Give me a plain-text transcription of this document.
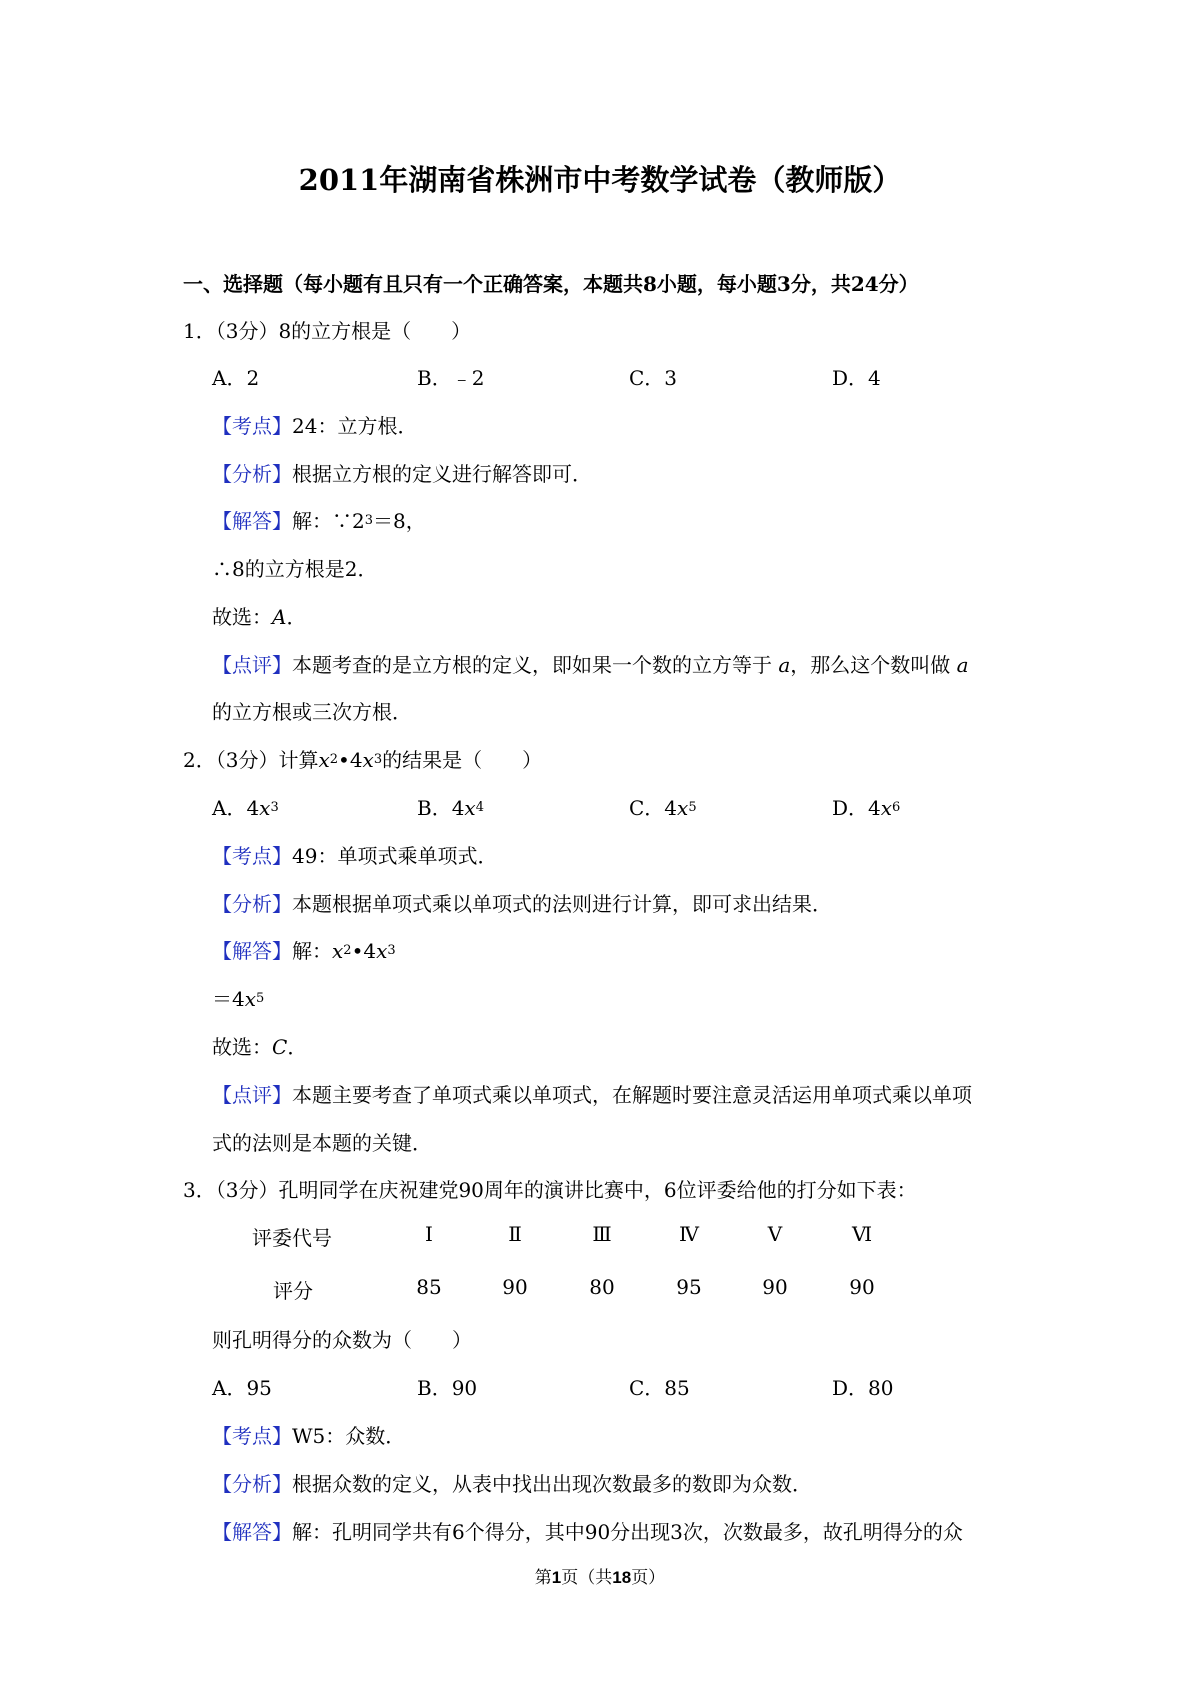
2011年湖南省株洲市中考数学试卷（教师版）
一、选择题（每小题有且只有一个正确答案，本题共8小题，每小题3分，共24分）
1．（3分）8的立方根是（　　）
A．2	B．﹣2	C．3	D．4
【考点】24：立方根．
【分析】根据立方根的定义进行解答即可．
【解答】解：$\because 2^3=8$，
∴8的立方根是2．
故选：A．
【点评】本题考查的是立方根的定义，即如果一个数的立方等于 a，那么这个数叫做 a
的立方根或三次方根．
2．（3分）计算$x^2•4x^3$的结果是（　　）
A．$4x^3$	B．$4x^4$	C．$4x^5$	D．$4x^6$
【考点】49：单项式乘单项式．
【分析】本题根据单项式乘以单项式的法则进行计算，即可求出结果．
【解答】解：$x^2•4x^3$
$=4x^5$
故选：C．
【点评】本题主要考查了单项式乘以单项式，在解题时要注意灵活运用单项式乘以单项
式的法则是本题的关键．
3．（3分）孔明同学在庆祝建党90周年的演讲比赛中，6位评委给他的打分如下表：
评委代号	Ⅰ	Ⅱ	Ⅲ	Ⅳ	Ⅴ	Ⅵ
评分	85	90	80	95	90	90
则孔明得分的众数为（　　）
A．95	B．90	C．85	D．80
【考点】W5：众数．
【分析】根据众数的定义，从表中找出出现次数最多的数即为众数．
【解答】解：孔明同学共有6个得分，其中90分出现3次，次数最多，故孔明得分的众
第1页（共18页）
